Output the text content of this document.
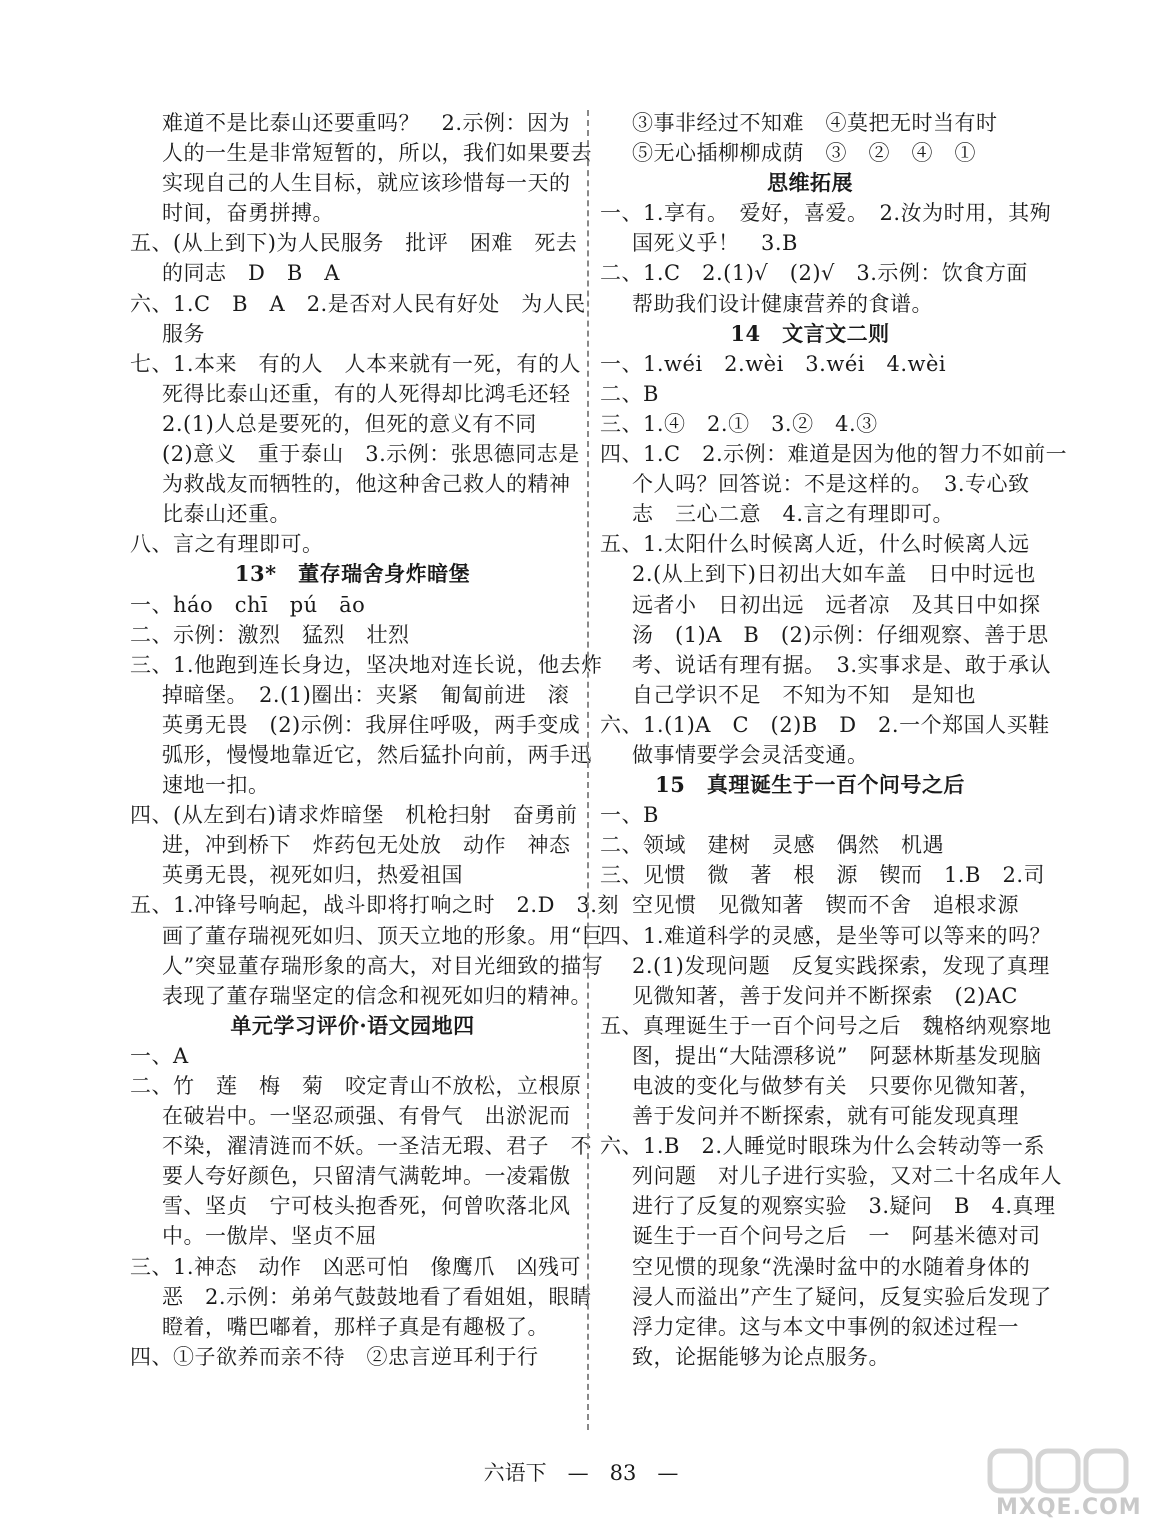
难道不是比泰山还要重吗？　2.示例：因为
人的一生是非常短暂的，所以，我们如果要去
实现自己的人生目标，就应该珍惜每一天的
时间，奋勇拼搏。
五、(从上到下)为人民服务　批评　困难　死去
的同志　D　B　A
六、1.C　B　A　2.是否对人民有好处　为人民
服务
七、1.本来　有的人　人本来就有一死，有的人
死得比泰山还重，有的人死得却比鸿毛还轻
2.(1)人总是要死的，但死的意义有不同
(2)意义　重于泰山　3.示例：张思德同志是
为救战友而牺牲的，他这种舍己救人的精神
比泰山还重。
八、言之有理即可。
13*　董存瑞舍身炸暗堡
一、háo　chī　pú　āo
二、示例：激烈　猛烈　壮烈
三、1.他跑到连长身边，坚决地对连长说，他去炸
掉暗堡。　2.(1)圈出：夹紧　匍匐前进　滚
英勇无畏　(2)示例：我屏住呼吸，两手变成
弧形，慢慢地靠近它，然后猛扑向前，两手迅
速地一扣。
四、(从左到右)请求炸暗堡　机枪扫射　奋勇前
进，冲到桥下　炸药包无处放　动作　神态
英勇无畏，视死如归，热爱祖国
五、1.冲锋号响起，战斗即将打响之时　2.D　3.刻
画了董存瑞视死如归、顶天立地的形象。用“巨
人”突显董存瑞形象的高大，对目光细致的描写
表现了董存瑞坚定的信念和视死如归的精神。
单元学习评价·语文园地四
一、A
二、竹　莲　梅　菊　咬定青山不放松，立根原
在破岩中。一坚忍顽强、有骨气　出淤泥而
不染，濯清涟而不妖。一圣洁无瑕、君子　不
要人夸好颜色，只留清气满乾坤。一凌霜傲
雪、坚贞　宁可枝头抱香死，何曾吹落北风
中。一傲岸、坚贞不屈
三、1.神态　动作　凶恶可怕　像鹰爪　凶残可
恶　2.示例：弟弟气鼓鼓地看了看姐姐，眼睛
瞪着，嘴巴嘟着，那样子真是有趣极了。
四、①子欲养而亲不待　②忠言逆耳利于行
③事非经过不知难　④莫把无时当有时
⑤无心插柳柳成荫　③　②　④　①
思维拓展
一、1.享有。　爱好，喜爱。　2.汝为时用，其殉
国死义乎！　3.B
二、1.C　2.(1)√　(2)√　3.示例：饮食方面
帮助我们设计健康营养的食谱。
14　文言文二则
一、1.wéi　2.wèi　3.wéi　4.wèi
二、B
三、1.④　2.①　3.②　4.③
四、1.C　2.示例：难道是因为他的智力不如前一
个人吗？回答说：不是这样的。　3.专心致
志　三心二意　4.言之有理即可。
五、1.太阳什么时候离人近，什么时候离人远
2.(从上到下)日初出大如车盖　日中时远也
远者小　日初出远　远者凉　及其日中如探
汤　(1)A　B　(2)示例：仔细观察、善于思
考、说话有理有据。　3.实事求是、敢于承认
自己学识不足　不知为不知　是知也
六、1.(1)A　C　(2)B　D　2.一个郑国人买鞋
做事情要学会灵活变通。
15　真理诞生于一百个问号之后
一、B
二、领域　建树　灵感　偶然　机遇
三、见惯　微　著　根　源　锲而　1.B　2.司
空见惯　见微知著　锲而不舍　追根求源
四、1.难道科学的灵感，是坐等可以等来的吗？
2.(1)发现问题　反复实践探索，发现了真理
见微知著，善于发问并不断探索　(2)AC
五、真理诞生于一百个问号之后　魏格纳观察地
图，提出“大陆漂移说”　阿瑟林斯基发现脑
电波的变化与做梦有关　只要你见微知著，
善于发问并不断探索，就有可能发现真理
六、1.B　2.人睡觉时眼珠为什么会转动等一系
列问题　对儿子进行实验，又对二十名成年人
进行了反复的观察实验　3.疑问　B　4.真理
诞生于一百个问号之后　一　阿基米德对司
空见惯的现象“洗澡时盆中的水随着身体的
浸人而溢出”产生了疑问，反复实验后发现了
浮力定律。这与本文中事例的叙述过程一
致，论据能够为论点服务。
六语下　—　83　—
MXQE.COM
